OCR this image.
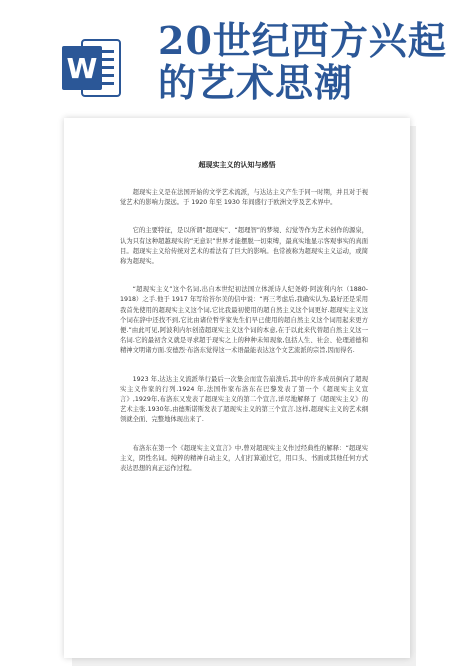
W
20世纪西方兴起
的艺术思潮
超现实主义的认知与感悟

超现实主义是在法国开始的文学艺术流派，与达达主义产生于同一时期，并且对于视觉艺术的影响力深远。于 1920 年至 1930 年间盛行于欧洲文学及艺术界中。

它的主要特征，是以所谓“超现实”、“超理智”的梦境、幻觉等作为艺术创作的源泉，认为只有这种超越现实的“无意识”世界才能摆脱一切束缚，最真实地显示客观事实的真面目。超现实主义给传统对艺术的看法有了巨大的影响。也常被称为超现实主义运动，或简称为超现实。

“超现实主义”这个名词,出自本世纪初法国立体派诗人纪尧姆·阿波利内尔（1880-1918）之手.他于 1917 年写给苔尔美的信中说：“再三考虑后,我确实认为,最好还是采用我首先使用的超现实主义这个词,它比我最初使用的超自然主义这个词更好.超现实主义这个词在辞中还找不到,它比由诸位哲学家先生们早已使用的超自然主义这个词用起来更方便.”由此可见,阿波利内尔创造超现实主义这个词的本意,在于以此来代替超自然主义这一名词.它的最初含义就是寻求超于现实之上的种种未知现象,包括人生、社会、伦理道德和精神文明诸方面.安德烈·布洛东觉得这一术语最能表达这个文艺流派的宗旨,因而得名.

1923 年,达达主义流派举行最后一次集会而宣告崩溃后,其中的许多成员倒向了超现实主义作家的行列.1924 年,法国作家布洛东在巴黎发表了第一个《超现实主义宣言》,1929年,布洛东又发表了超现实主义的第二个宣言,详尽地解释了《超现实主义》的艺术主张.1930年,由德斯诺斯发表了超现实主义的第三个宣言.这样,超现实主义的艺术纲领就全面、完整地体现出来了.

布洛东在第一个《超现实主义宣言》中,曾对超现实主义作过经典性的解释：“超现实主义，阴性名词。纯粹的精神自动主义，人们打算通过它，用口头、书面或其他任何方式表达思想的真正运作过程。
